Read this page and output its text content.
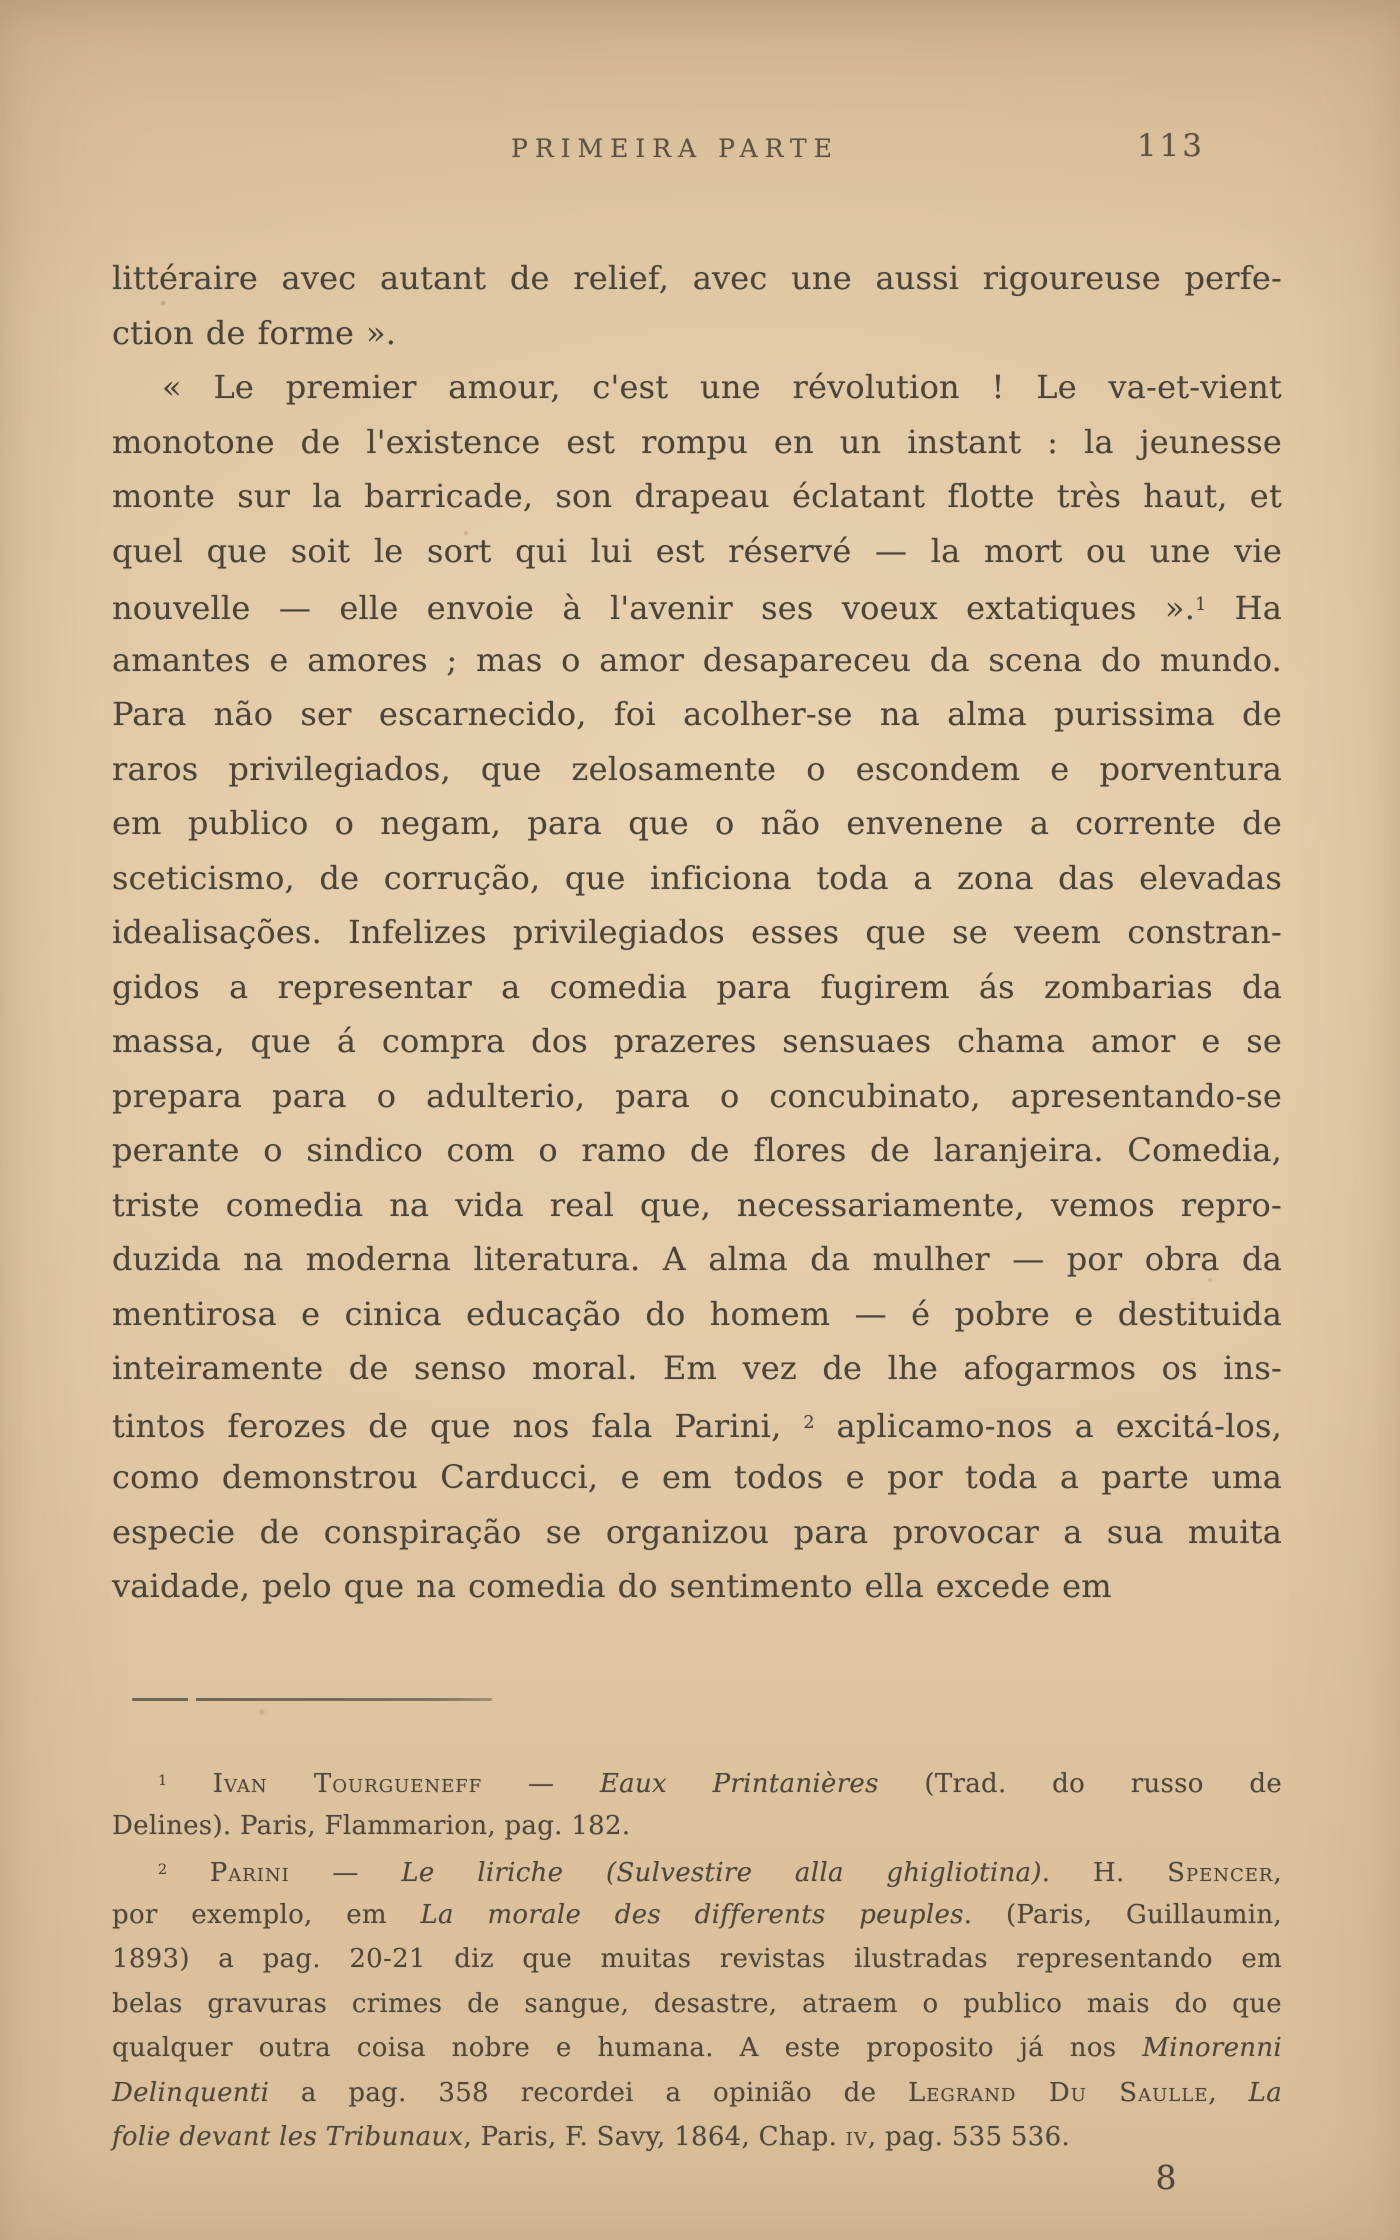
PRIMEIRA PARTE	113
littéraire avec autant de relief, avec une aussi rigoureuse perfe-
ction de forme ».
« Le premier amour, c'est une révolution ! Le va-et-vient
monotone de l'existence est rompu en un instant : la jeunesse
monte sur la barricade, son drapeau éclatant flotte très haut, et
quel que soit le sort qui lui est réservé — la mort ou une vie
nouvelle — elle envoie à l'avenir ses voeux extatiques ».$^1$ Ha
amantes e amores ; mas o amor desapareceu da scena do mundo.
Para não ser escarnecido, foi acolher-se na alma purissima de
raros privilegiados, que zelosamente o escondem e porventura
em publico o negam, para que o não envenene a corrente de
sceticismo, de corrução, que inficiona toda a zona das elevadas
idealisações. Infelizes privilegiados esses que se veem constran-
gidos a representar a comedia para fugirem ás zombarias da
massa, que á compra dos prazeres sensuaes chama amor e se
prepara para o adulterio, para o concubinato, apresentando-se
perante o sindico com o ramo de flores de laranjeira. Comedia,
triste comedia na vida real que, necessariamente, vemos repro-
duzida na moderna literatura. A alma da mulher — por obra da
mentirosa e cinica educação do homem — é pobre e destituida
inteiramente de senso moral. Em vez de lhe afogarmos os ins-
tintos ferozes de que nos fala Parini, $^2$ aplicamo-nos a excitá-los,
como demonstrou Carducci, e em todos e por toda a parte uma
especie de conspiração se organizou para provocar a sua muita
vaidade, pelo que na comedia do sentimento ella excede em
$^1$ Ivan Tourgueneff — Eaux Printanières (Trad. do russo de
Delines). Paris, Flammarion, pag. 182.
$^2$ Parini — Le liriche (Sulvestire alla ghigliotina). H. Spencer,
por exemplo, em La morale des differents peuples. (Paris, Guillaumin,
1893) a pag. 20-21 diz que muitas revistas ilustradas representando em
belas gravuras crimes de sangue, desastre, atraem o publico mais do que
qualquer outra coisa nobre e humana. A este proposito já nos Minorenni
Delinquenti a pag. 358 recordei a opinião de Legrand Du Saulle, La
folie devant les Tribunaux, Paris, F. Savy, 1864, Chap. iv, pag. 535 536.
8
